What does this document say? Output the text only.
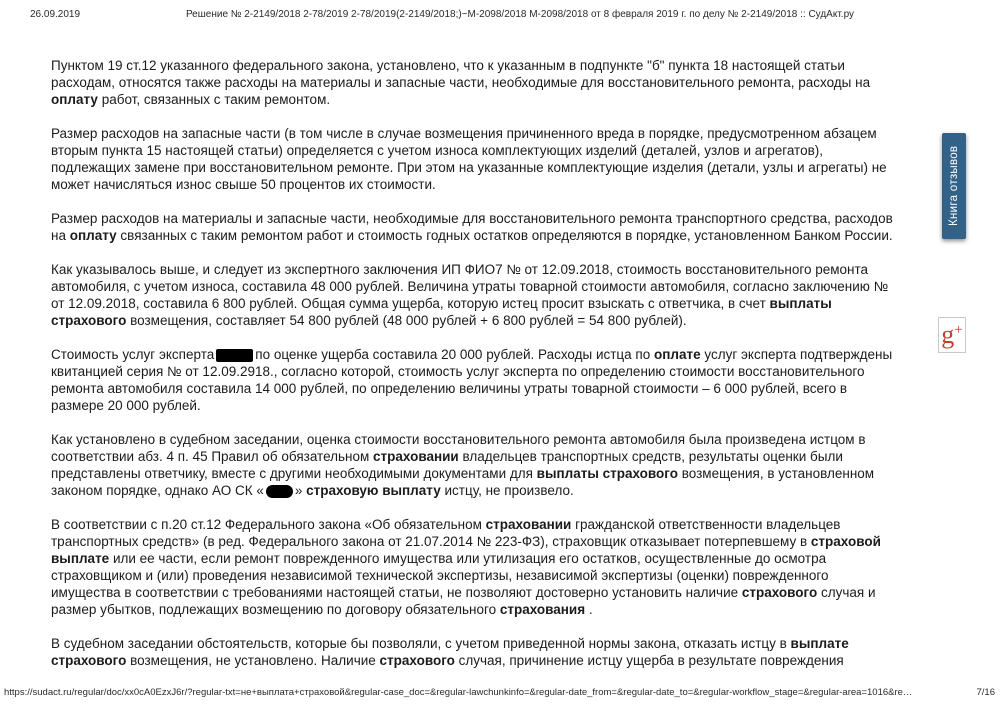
26.09.2019	Решение № 2-2149/2018 2-78/2019 2-78/2019(2-2149/2018;)~М-2098/2018 М-2098/2018 от 8 февраля 2019 г. по делу № 2-2149/2018 :: СудАкт.ру

Пунктом 19 ст.12 указанного федерального закона, установлено, что к указанным в подпункте "б" пункта 18 настоящей статьи расходам, относятся также расходы на материалы и запасные части, необходимые для восстановительного ремонта, расходы на оплату работ, связанных с таким ремонтом.

Размер расходов на запасные части (в том числе в случае возмещения причиненного вреда в порядке, предусмотренном абзацем вторым пункта 15 настоящей статьи) определяется с учетом износа комплектующих изделий (деталей, узлов и агрегатов), подлежащих замене при восстановительном ремонте. При этом на указанные комплектующие изделия (детали, узлы и агрегаты) не может начисляться износ свыше 50 процентов их стоимости.

Размер расходов на материалы и запасные части, необходимые для восстановительного ремонта транспортного средства, расходов на оплату связанных с таким ремонтом работ и стоимость годных остатков определяются в порядке, установленном Банком России.

Как указывалось выше, и следует из экспертного заключения ИП ФИО7 № от 12.09.2018, стоимость восстановительного ремонта автомобиля, с учетом износа, составила 48 000 рублей. Величина утраты товарной стоимости автомобиля, согласно заключению № от 12.09.2018, составила 6 800 рублей. Общая сумма ущерба, которую истец просит взыскать с ответчика, в счет выплаты страхового возмещения, составляет 54 800 рублей (48 000 рублей + 6 800 рублей = 54 800 рублей).

Стоимость услуг эксперта	по оценке ущерба составила 20 000 рублей. Расходы истца по оплате услуг эксперта подтверждены квитанцией серия № от 12.09.2918., согласно которой, стоимость услуг эксперта по определению стоимости восстановительного ремонта автомобиля составила 14 000 рублей, по определению величины утраты товарной стоимости – 6 000 рублей, всего в размере 20 000 рублей.

Как установлено в судебном заседании, оценка стоимости восстановительного ремонта автомобиля была произведена истцом в соответствии абз. 4 п. 45 Правил об обязательном страховании владельцев транспортных средств, результаты оценки были представлены ответчику, вместе с другими необходимыми документами для выплаты страхового возмещения, в установленном законом порядке, однако АО СК « » страховую выплату истцу, не произвело.

В соответствии с п.20 ст.12 Федерального закона «Об обязательном страховании гражданской ответственности владельцев транспортных средств» (в ред. Федерального закона от 21.07.2014 № 223-ФЗ), страховщик отказывает потерпевшему в страховой выплате или ее части, если ремонт поврежденного имущества или утилизация его остатков, осуществленные до осмотра страховщиком и (или) проведения независимой технической экспертизы, независимой экспертизы (оценки) поврежденного имущества в соответствии с требованиями настоящей статьи, не позволяют достоверно установить наличие страхового случая и размер убытков, подлежащих возмещению по договору обязательного страхования .

В судебном заседании обстоятельств, которые бы позволяли, с учетом приведенной нормы закона, отказать истцу в выплате страхового возмещения, не установлено. Наличие страхового случая, причинение истцу ущерба в результате повреждения

Книга отзывов
g +
https://sudact.ru/regular/doc/xx0cA0EzxJ6r/?regular-txt=не+выплата+страховой&regular-case_doc=&regular-lawchunkinfo=&regular-date_from=&regular-date_to=&regular-workflow_stage=&regular-area=1016&re…	7/16
